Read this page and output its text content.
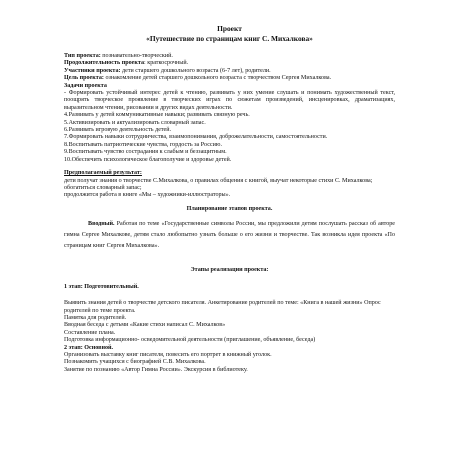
Проект
«Путешествие по страницам книг С. Михалкова»

Тип проекта: познавательно-творческий.

Продолжительность проекта: краткосрочный.

Участники проекта: дети старшего дошкольного возраста (6-7 лет), родители.

Цель проекта: ознакомление детей старшего дошкольного возраста с творчеством Сергея Михалкова.

Задачи проекта

- Формировать устойчивый интерес детей к чтению, развивать у них умение слушать и понимать художественный текст, поощрять творческое проявление в творческих играх по сюжетам произведений, инсценировках, драматизациях, выразительном чтении, рисовании и других видах деятельности.

4.Развивать у детей коммуникативные навыки; развивать связную речь.

5.Активизировать и актуализировать словарный запас.

6.Развивать игровую деятельность детей.

7.Формировать навыки сотрудничества, взаимопонимания, доброжелательности, самостоятельности.

8.Воспитывать патриотические чувства, гордость за Россию.

9.Воспитывать чувство сострадания к слабым и беззащитным.

10.Обеспечить психологическое благополучие и здоровье детей.

Предполагаемый результат:

дети получат знания о творчестве С.Михалкова, о правилах общения с книгой, выучат некоторые стихи С. Михалкова;

обогатиться словарный запас;

продолжится работа в книге «Мы – художники-иллюстраторы».

Планирование этапов проекта.

Вводный. Работая по теме «Государственные символы России, мы предложили детям послушать рассказ об авторе гимна Сергее Михалкове, детям стало любопытно узнать больше о его жизни и творчестве. Так возникла идея проекта «По страницам книг Сергея Михалкова».

Этапы реализации проекта:

1 этап: Подготовительный.

Выявить знания детей о творчестве детского писателя. Анкетирование родителей по теме: «Книга в нашей жизни» Опрос родителей по теме проекта.

Памятка для родителей.

Вводная беседа с детьми «Какие стихи написал С. Михалков»

Составление плана.

Подготовка информационно- осведомительной деятельности (приглашение, объявление, беседа)

2 этап: Основной.

Организовать выставку книг писателя, повесить его портрет в книжный уголок.

Познакомить учащихся с биографией С.В. Михалкова.

Занятие по познанию «Автор Гимна России». Экскурсия в библиотеку.
